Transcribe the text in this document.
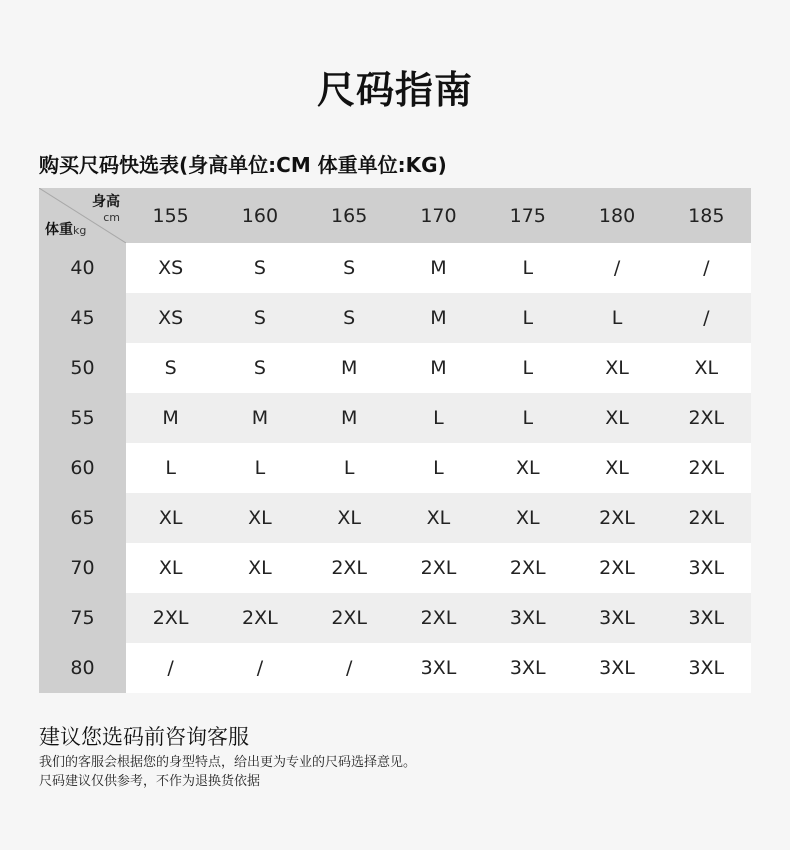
尺码指南
购买尺码快选表(身高单位:CM 体重单位:KG)
身高
cm
体重kg
155	160	165	170	175	180	185
40	XS	S	S	M	L	/	/
45	XS	S	S	M	L	L	/
50	S	S	M	M	L	XL	XL
55	M	M	M	L	L	XL	2XL
60	L	L	L	L	XL	XL	2XL
65	XL	XL	XL	XL	XL	2XL	2XL
70	XL	XL	2XL	2XL	2XL	2XL	3XL
75	2XL	2XL	2XL	2XL	3XL	3XL	3XL
80	/	/	/	3XL	3XL	3XL	3XL
建议您选码前咨询客服
我们的客服会根据您的身型特点，给出更为专业的尺码选择意见。
尺码建议仅供参考，不作为退换货依据
